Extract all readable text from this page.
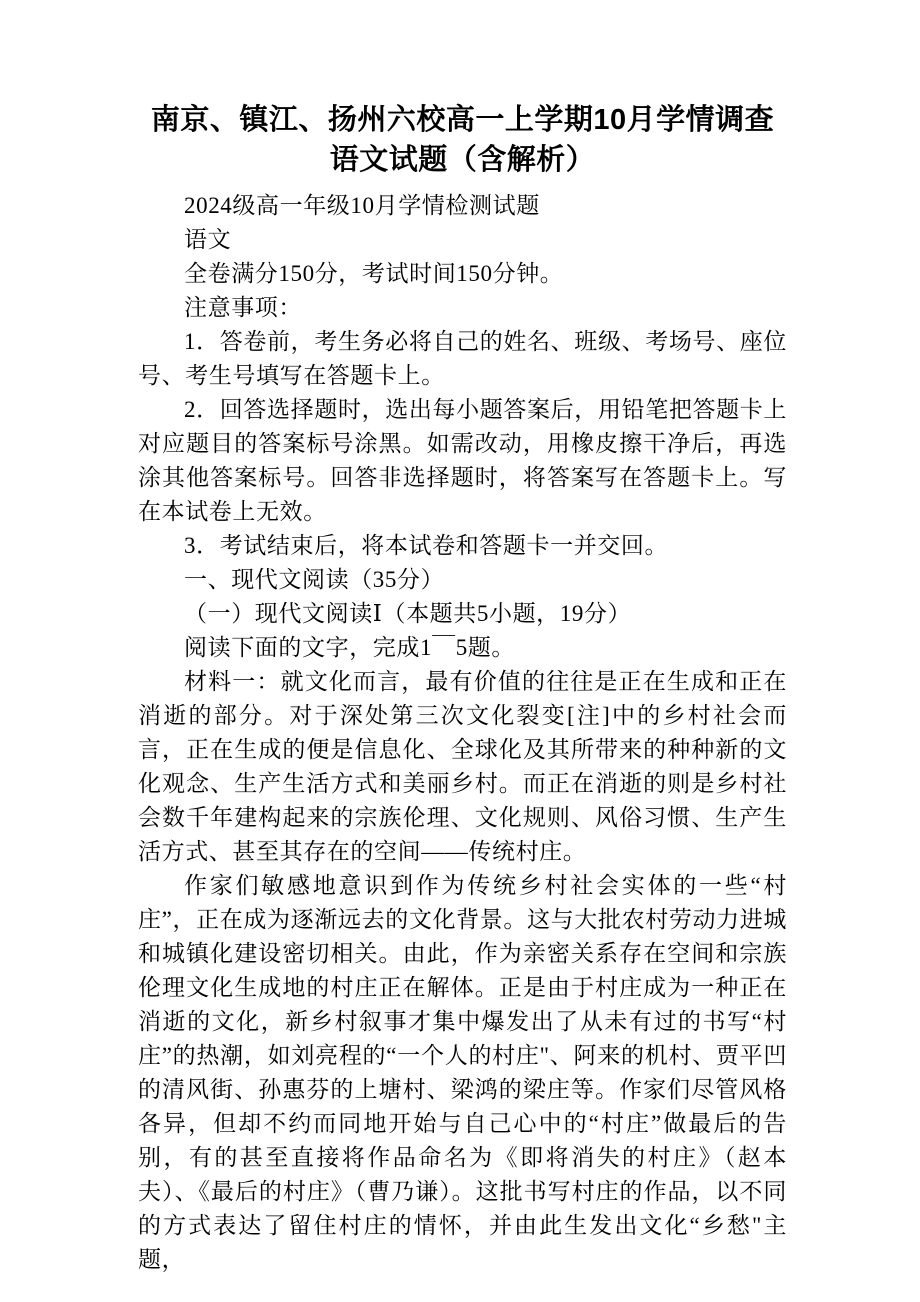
南京、镇江、扬州六校高一上学期10月学情调查语文试题（含解析）

2024级高一年级10月学情检测试题

语文

全卷满分150分，考试时间150分钟。

注意事项：

1．答卷前，考生务必将自己的姓名、班级、考场号、座位号、考生号填写在答题卡上。

2．回答选择题时，选出每小题答案后，用铅笔把答题卡上对应题目的答案标号涂黑。如需改动，用橡皮擦干净后，再选涂其他答案标号。回答非选择题时，将答案写在答题卡上。写在本试卷上无效。

3．考试结束后，将本试卷和答题卡一并交回。

一、现代文阅读（35分）

（一）现代文阅读Ⅰ（本题共5小题，19分）

阅读下面的文字，完成1￣5题。

材料一：就文化而言，最有价值的往往是正在生成和正在消逝的部分。对于深处第三次文化裂变[注]中的乡村社会而言，正在生成的便是信息化、全球化及其所带来的种种新的文化观念、生产生活方式和美丽乡村。而正在消逝的则是乡村社会数千年建构起来的宗族伦理、文化规则、风俗习惯、生产生活方式、甚至其存在的空间——传统村庄。

作家们敏感地意识到作为传统乡村社会实体的一些“村庄”，正在成为逐渐远去的文化背景。这与大批农村劳动力进城和城镇化建设密切相关。由此，作为亲密关系存在空间和宗族伦理文化生成地的村庄正在解体。正是由于村庄成为一种正在消逝的文化，新乡村叙事才集中爆发出了从未有过的书写“村庄”的热潮，如刘亮程的“一个人的村庄"、阿来的机村、贾平凹的清风街、孙惠芬的上塘村、梁鸿的梁庄等。作家们尽管风格各异，但却不约而同地开始与自己心中的“村庄”做最后的告别，有的甚至直接将作品命名为《即将消失的村庄》（赵本夫）、《最后的村庄》（曹乃谦）。这批书写村庄的作品，以不同的方式表达了留住村庄的情怀，并由此生发出文化“乡愁"主题，
